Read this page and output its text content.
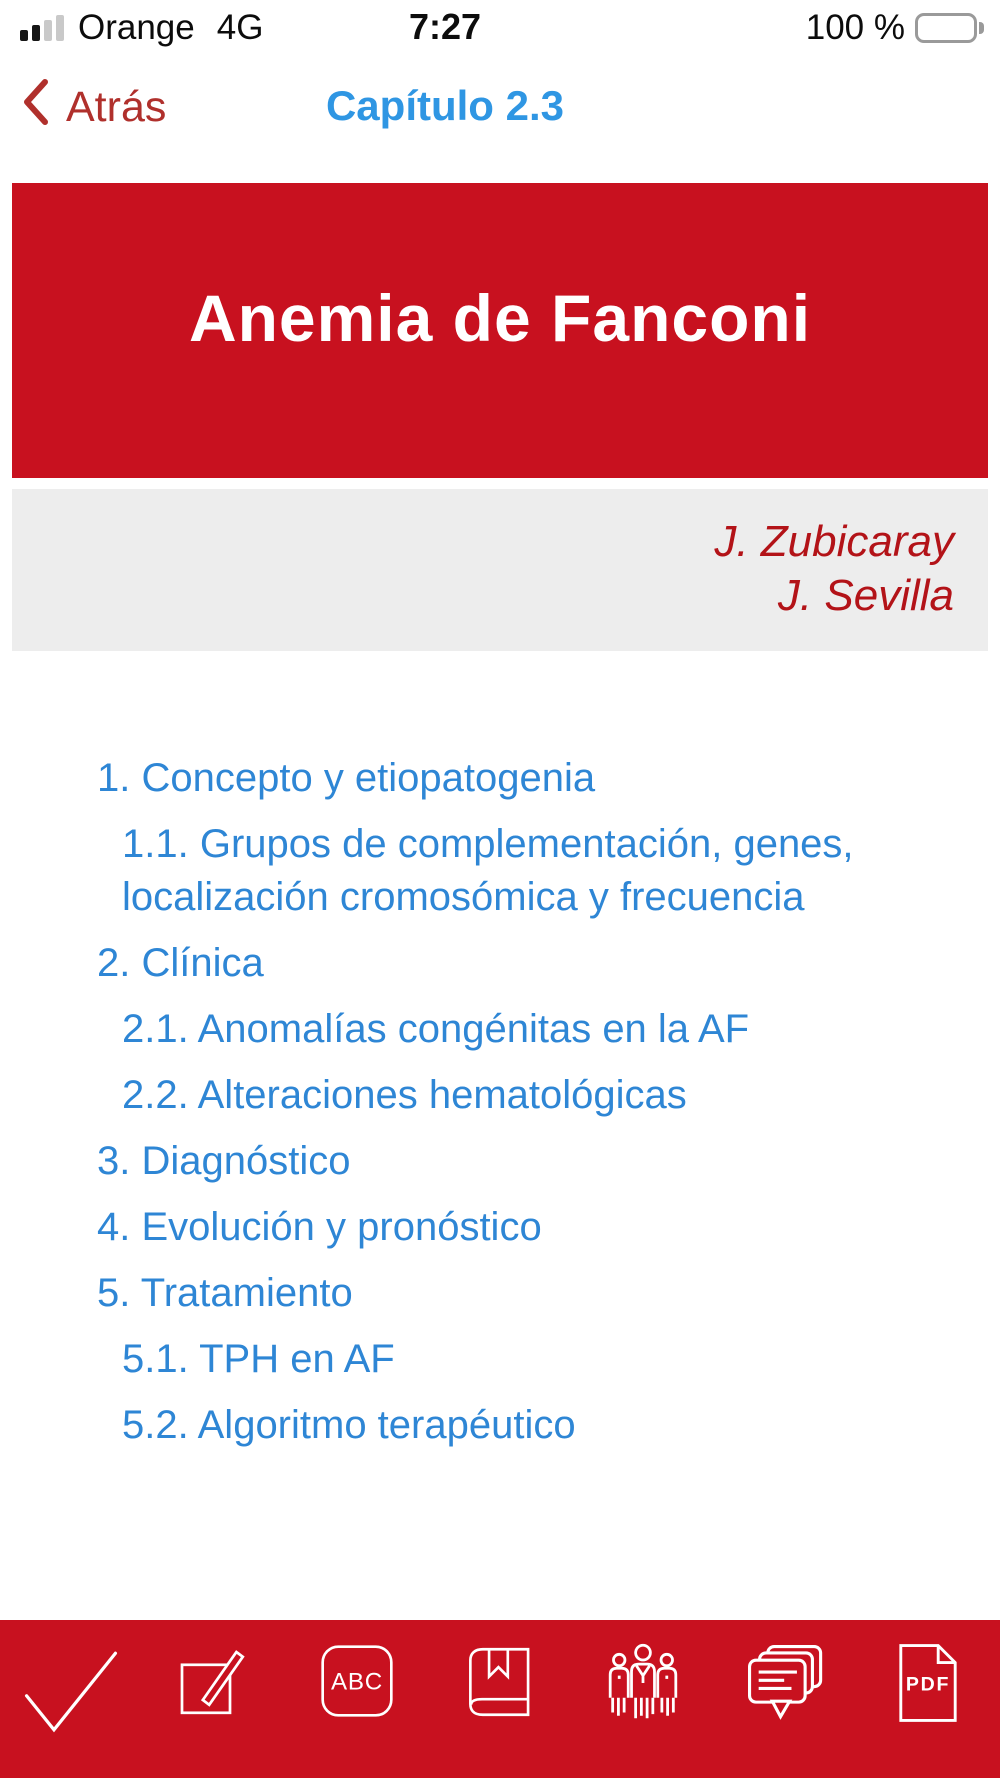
Orange 4G	7:27	100 %
Atrás	Capítulo 2.3
Anemia de Fanconi
J. Zubicaray
J. Sevilla
1. Concepto y etiopatogenia
1.1. Grupos de complementación, genes,
localización cromosómica y frecuencia
2. Clínica
2.1. Anomalías congénitas en la AF
2.2. Alteraciones hematológicas
3. Diagnóstico
4. Evolución y pronóstico
5. Tratamiento
5.1. TPH en AF
5.2. Algoritmo terapéutico
ABC	PDF
